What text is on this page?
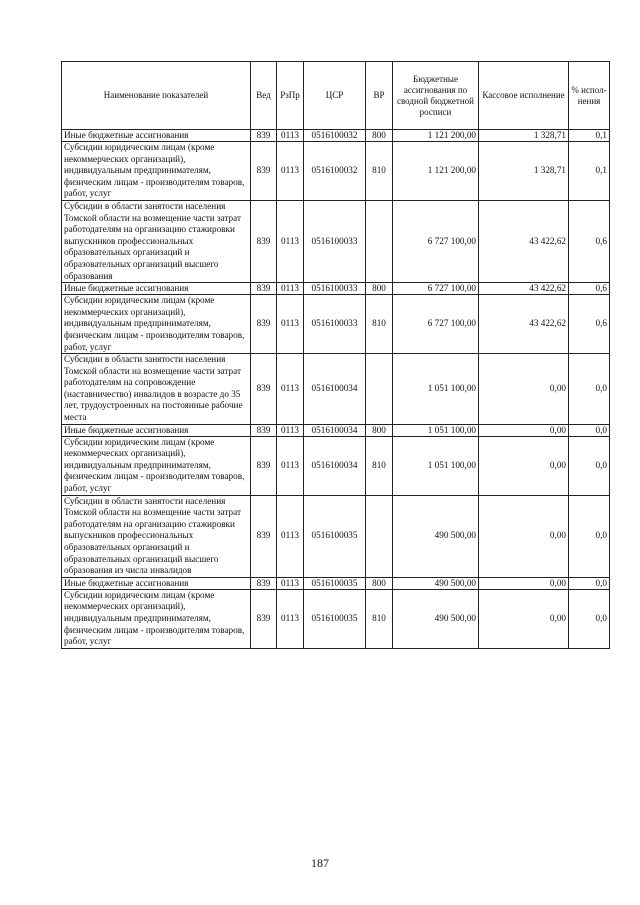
Наименование показателей	Вед	РзПр	ЦСР	ВР	Бюджетные ассигнования по сводной бюджетной росписи	Кассовое исполнение	% испол-нения
Иные бюджетные ассигнования	839	0113	0516100032	800	1 121 200,00	1 328,71	0,1
Субсидии юридическим лицам (кроме некоммерческих организаций), индивидуальным предпринимателям, физическим лицам - производителям товаров, работ, услуг	839	0113	0516100032	810	1 121 200,00	1 328,71	0,1
Субсидии в области занятости населения Томской области на возмещение части затрат работодателям на организацию стажировки выпускников профессиональных образовательных организаций и образовательных организаций высшего образования	839	0113	0516100033		6 727 100,00	43 422,62	0,6
Иные бюджетные ассигнования	839	0113	0516100033	800	6 727 100,00	43 422,62	0,6
Субсидии юридическим лицам (кроме некоммерческих организаций), индивидуальным предпринимателям, физическим лицам - производителям товаров, работ, услуг	839	0113	0516100033	810	6 727 100,00	43 422,62	0,6
Субсидии в области занятости населения Томской области на возмещение части затрат работодателям на сопровождение (наставничество) инвалидов в возрасте до 35 лет, трудоустроенных на постоянные рабочие места	839	0113	0516100034		1 051 100,00	0,00	0,0
Иные бюджетные ассигнования	839	0113	0516100034	800	1 051 100,00	0,00	0,0
Субсидии юридическим лицам (кроме некоммерческих организаций), индивидуальным предпринимателям, физическим лицам - производителям товаров, работ, услуг	839	0113	0516100034	810	1 051 100,00	0,00	0,0
Субсидии в области занятости населения Томской области на возмещение части затрат работодателям на организацию стажировки выпускников профессиональных образовательных организаций и образовательных организаций высшего образования из числа инвалидов	839	0113	0516100035		490 500,00	0,00	0,0
Иные бюджетные ассигнования	839	0113	0516100035	800	490 500,00	0,00	0,0
Субсидии юридическим лицам (кроме некоммерческих организаций), индивидуальным предпринимателям, физическим лицам - производителям товаров, работ, услуг	839	0113	0516100035	810	490 500,00	0,00	0,0
187
